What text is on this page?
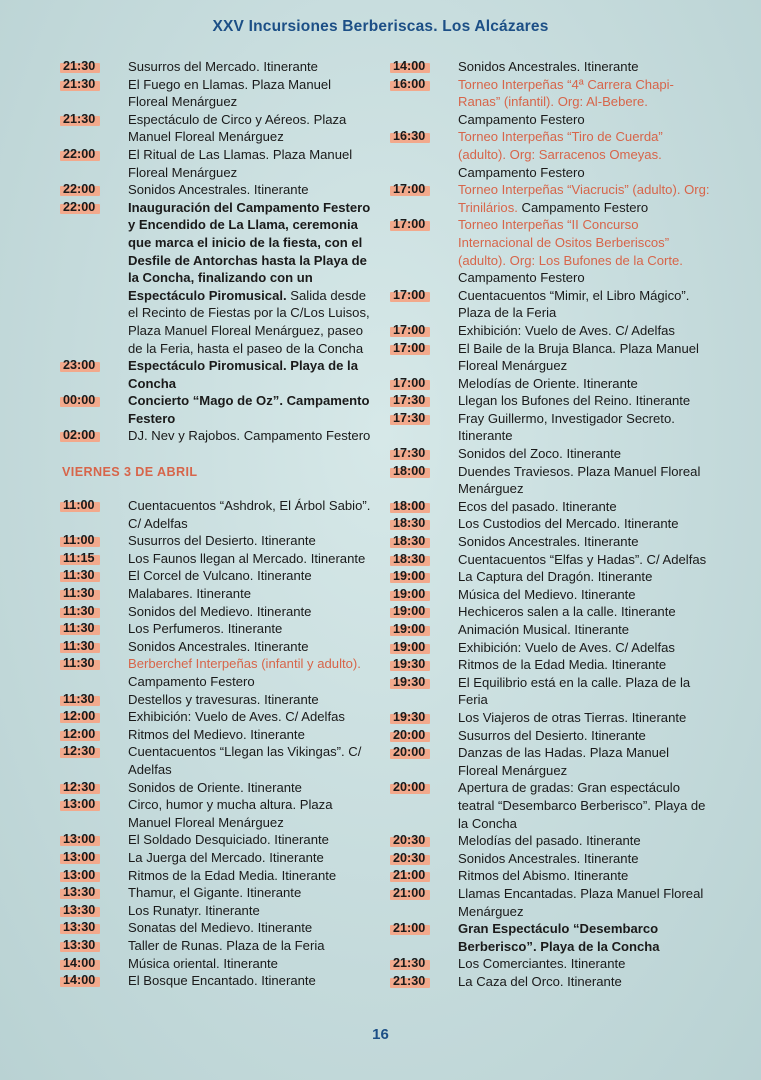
XXV Incursiones Berberiscas. Los Alcázares
21:30	Susurros del Mercado. Itinerante
21:30	El Fuego en Llamas. Plaza Manuel Floreal Menárguez
21:30	Espectáculo de Circo y Aéreos. Plaza Manuel Floreal Menárguez
22:00	El Ritual de Las Llamas. Plaza Manuel Floreal Menárguez
22:00	Sonidos Ancestrales. Itinerante
22:00	Inauguración del Campamento Festero y Encendido de La Llama, ceremonia que marca el inicio de la fiesta, con el Desfile de Antorchas hasta la Playa de la Concha, finalizando con un Espectáculo Piromusical. Salida desde el Recinto de Fiestas por la C/Los Luisos, Plaza Manuel Floreal Menárguez, paseo de la Feria, hasta el paseo de la Concha
23:00	Espectáculo Piromusical. Playa de la Concha
00:00	Concierto “Mago de Oz”. Campamento Festero
02:00	DJ. Nev y Rajobos. Campamento Festero
VIERNES 3 DE ABRIL
11:00	Cuentacuentos “Ashdrok, El Árbol Sabio”. C/ Adelfas
11:00	Susurros del Desierto. Itinerante
11:15	Los Faunos llegan al Mercado. Itinerante
11:30	El Corcel de Vulcano. Itinerante
11:30	Malabares. Itinerante
11:30	Sonidos del Medievo. Itinerante
11:30	Los Perfumeros. Itinerante
11:30	Sonidos Ancestrales. Itinerante
11:30	Berberchef Interpeñas (infantil y adulto). Campamento Festero
11:30	Destellos y travesuras. Itinerante
12:00	Exhibición: Vuelo de Aves. C/ Adelfas
12:00	Ritmos del Medievo. Itinerante
12:30	Cuentacuentos “Llegan las Vikingas”. C/ Adelfas
12:30	Sonidos de Oriente. Itinerante
13:00	Circo, humor y mucha altura. Plaza Manuel Floreal Menárguez
13:00	El Soldado Desquiciado. Itinerante
13:00	La Juerga del Mercado. Itinerante
13:00	Ritmos de la Edad Media. Itinerante
13:30	Thamur, el Gigante. Itinerante
13:30	Los Runatyr. Itinerante
13:30	Sonatas del Medievo. Itinerante
13:30	Taller de Runas. Plaza de la Feria
14:00	Música oriental. Itinerante
14:00	El Bosque Encantado. Itinerante
14:00	Sonidos Ancestrales. Itinerante
16:00	Torneo Interpeñas “4ª Carrera Chapi-Ranas” (infantil). Org: Al-Bebere. Campamento Festero
16:30	Torneo Interpeñas “Tiro de Cuerda” (adulto). Org: Sarracenos Omeyas. Campamento Festero
17:00	Torneo Interpeñas “Viacrucis” (adulto). Org: Trinilários. Campamento Festero
17:00	Torneo Interpeñas “II Concurso Internacional de Ositos Berberiscos” (adulto). Org: Los Bufones de la Corte. Campamento Festero
17:00	Cuentacuentos “Mimir, el Libro Mágico”. Plaza de la Feria
17:00	Exhibición: Vuelo de Aves. C/ Adelfas
17:00	El Baile de la Bruja Blanca. Plaza Manuel Floreal Menárguez
17:00	Melodías de Oriente. Itinerante
17:30	Llegan los Bufones del Reino. Itinerante
17:30	Fray Guillermo, Investigador Secreto. Itinerante
17:30	Sonidos del Zoco. Itinerante
18:00	Duendes Traviesos. Plaza Manuel Floreal Menárguez
18:00	Ecos del pasado. Itinerante
18:30	Los Custodios del Mercado. Itinerante
18:30	Sonidos Ancestrales. Itinerante
18:30	Cuentacuentos “Elfas y Hadas”. C/ Adelfas
19:00	La Captura del Dragón. Itinerante
19:00	Música del Medievo. Itinerante
19:00	Hechiceros salen a la calle. Itinerante
19:00	Animación Musical. Itinerante
19:00	Exhibición: Vuelo de Aves. C/ Adelfas
19:30	Ritmos de la Edad Media. Itinerante
19:30	El Equilibrio está en la calle. Plaza de la Feria
19:30	Los Viajeros de otras Tierras. Itinerante
20:00	Susurros del Desierto. Itinerante
20:00	Danzas de las Hadas. Plaza Manuel Floreal Menárguez
20:00	Apertura de gradas: Gran espectáculo teatral “Desembarco Berberisco”. Playa de la Concha
20:30	Melodías del pasado. Itinerante
20:30	Sonidos Ancestrales. Itinerante
21:00	Ritmos del Abismo. Itinerante
21:00	Llamas Encantadas. Plaza Manuel Floreal Menárguez
21:00	Gran Espectáculo “Desembarco Berberisco”. Playa de la Concha
21:30	Los Comerciantes. Itinerante
21:30	La Caza del Orco. Itinerante
16
